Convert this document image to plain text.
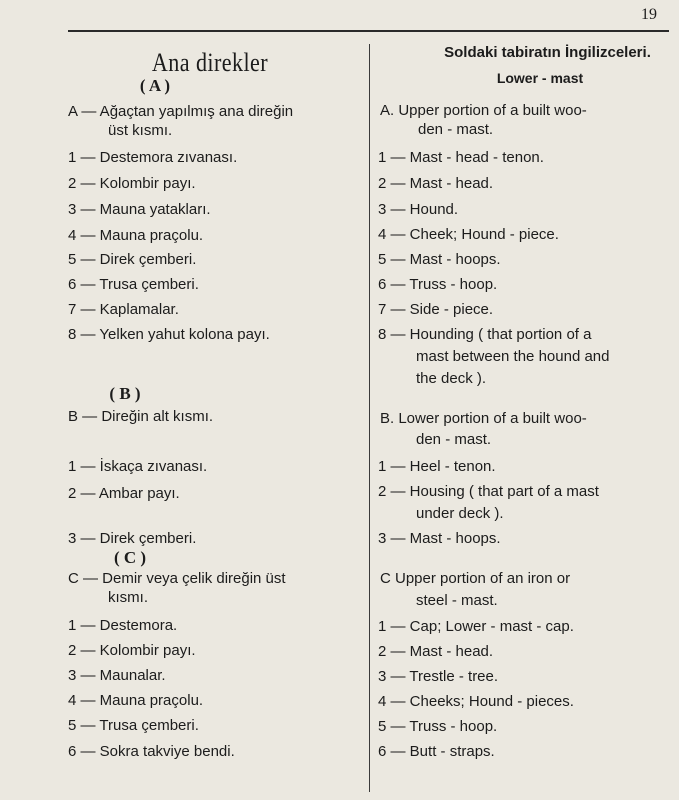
19
Ana direkler
( A )
A — Ağaçtan yapılmış ana direğin
üst kısmı.
1 — Destemora zıvanası.
2 — Kolombir payı.
3 — Mauna yatakları.
4 — Mauna praçolu.
5 — Direk çemberi.
6 — Trusa çemberi.
7 — Kaplamalar.
8 — Yelken yahut kolona payı.
( B )
B — Direğin alt kısmı.
1 — İskaça zıvanası.
2 — Ambar payı.
3 — Direk çemberi.
( C )
C — Demir veya çelik direğin üst
kısmı.
1 — Destemora.
2 — Kolombir payı.
3 — Maunalar.
4 — Mauna praçolu.
5 — Trusa çemberi.
6 — Sokra takviye bendi.
Soldaki tabiratın İngilizceleri.
Lower - mast
A. Upper portion of a built woo-
den - mast.
1 — Mast - head - tenon.
2 — Mast - head.
3 — Hound.
4 — Cheek; Hound - piece.
5 — Mast - hoops.
6 — Truss - hoop.
7 — Side - piece.
8 — Hounding ( that portion of a
mast between the hound and
the deck ).
B. Lower portion of a built woo-
den - mast.
1 — Heel - tenon.
2 — Housing ( that part of a mast
under deck ).
3 — Mast - hoops.
C Upper portion of an iron or
steel - mast.
1 — Cap; Lower - mast - cap.
2 — Mast - head.
3 — Trestle - tree.
4 — Cheeks; Hound - pieces.
5 — Truss - hoop.
6 — Butt - straps.
